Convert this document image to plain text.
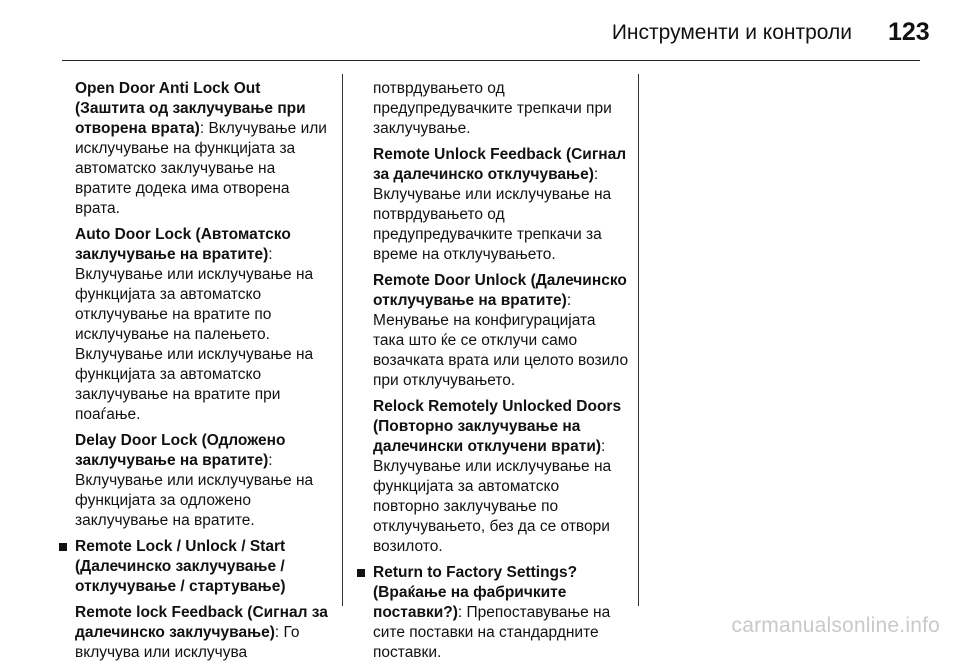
Инструменти и контроли 123

Open Door Anti Lock Out (Заштита од заклучување при отворена врата): Вклучување или исклучување на функцијата за автоматско заклучување на вратите додека има отворена врата.

Auto Door Lock (Автоматско заклучување на вратите): Вклучување или исклучување на функцијата за автоматско отклучување на вратите по исклучување на палењето. Вклучување или исклучување на функцијата за автоматско заклучување на вратите при поаѓање.

Delay Door Lock (Одложено заклучување на вратите): Вклучување или исклучување на функцијата за одложено заклучување на вратите.

Remote Lock / Unlock / Start (Далечинско заклучување / отклучување / стартување)

Remote lock Feedback (Сигнал за далечинско заклучување): Го вклучува или исклучува

потврдувањето од предупредувачките трепкачи при заклучување.

Remote Unlock Feedback (Сигнал за далечинско отклучување): Вклучување или исклучување на потврдувањето од предупредувачките трепкачи за време на отклучувањето.

Remote Door Unlock (Далечинско отклучување на вратите): Менување на конфигурацијата така што ќе се отклучи само возачката врата или целото возило при отклучувањето.

Relock Remotely Unlocked Doors (Повторно заклучување на далечински отклучени врати): Вклучување или исклучување на функцијата за автоматско повторно заклучување по отклучувањето, без да се отвори возилото.

Return to Factory Settings? (Враќање на фабричките поставки?): Препоставување на сите поставки на стандардните поставки.

carmanualsonline.info
